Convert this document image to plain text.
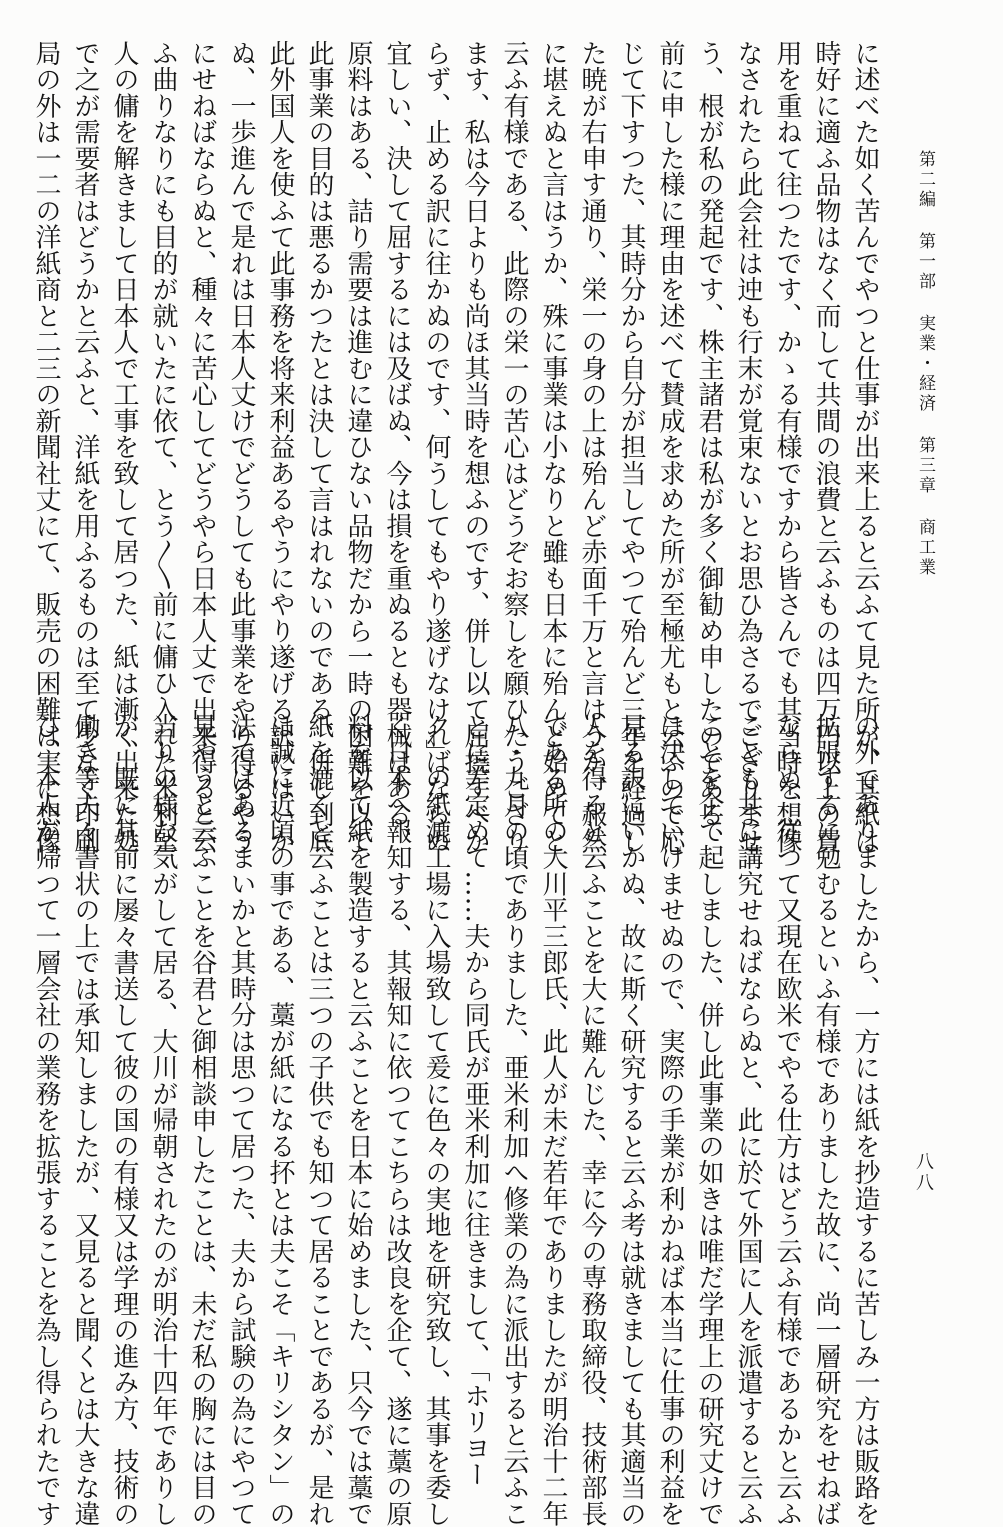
第二編第一部実業・経済第三章商工業
八八
に述べた如く苦んでやつと仕事が出来上ると云ふて見た所が、其紙は
時好に適ふ品物はなく而して共間の浪費と云ふものは四万円以上の費
用を重ねて往つたです、かゝる有様ですから皆さんでも其当時を想像
なされたら此会社は迚も行末が覚束ないとお思ひ為さるでござりませ
う、根が私の発起です、株主諸君は私が多く御勧め申したのである、
前に申した様に理由を述べて賛成を求めた所が至極尤もと云ふので応
じて下すつた、其時分から自分が担当してやつて殆んど三年を経過し
た暁が右申す通り、栄一の身の上は殆んど赤面千万と言はうか、赧然
に堪えぬと言はうか、殊に事業は小なりと雖も日本に殆んど始めてと
云ふ有様である、此際の栄一の苦心はどうぞお察しを願ひたうござり
ます、私は今日よりも尚ほ其当時を想ふのです、併し以て屈撓すべか
らず、止める訳に往かぬのです、何うしてもやり遂げなければならぬ
宜しい、決して屈するには及ばぬ、今は損を重ぬるとも器械はある、
原料はある、詰り需要は進むに違ひない品物だから一時の困難を以て
此事業の目的は悪るかつたとは決して言はれないのである、併し到底
此外国人を使ふて此事務を将来利益あるやうにやり遂げる訳にはいか
ぬ、一歩進んで是れは日本人丈けでどうしても此事業をやり得るやう
にせねばならぬと、種々に苦心してどうやら日本人丈で出来得ると云
ふ曲りなりにも目的が就いたに依て、とう〳〵前に傭ひ入れた米利堅
人の傭を解きまして日本人で工事を致して居つた、紙は漸く出来た処
で之が需要者はどうかと云ふと、洋紙を用ふるものは至て少なく印刷
局の外は一二の洋紙商と二三の新聞社丈にて、販売の困難は実に想像
の外でありましたから、一方には紙を抄造するに苦しみ一方は販路を
拡張するに勉むるといふ有様でありました故に、尚一層研究をせねば
ならぬ、従つて又現在欧米でやる仕方はどう云ふ有様であるかと云ふ
ことも共に講究せねばならぬと、此に於て外国に人を派遣すると云ふ
ことを企て起しました、併し此事業の如きは唯だ学理上の研究丈けで
は決していけませぬので、実際の手業が利かねば本当に仕事の利益を
見る訳にいかぬ、故に斯く研究すると云ふ考は就きましても其適当の
人を得ると云ふことを大に難んじた、幸に今の専務取締役、技術部長
である所の大川平三郎氏、此人が未だ若年でありましたが明治十二年
八・九月の頃でありました、亜米利加へ修業の為に派出すると云ふこ
とに差定めて……夫から同氏が亜米利加に往きまして、「ホリヨー
ク」の紙漉工場に入場致して爰に色々の実地を研究致し、其事を委し
く日本へ報知する、其報知に依つてこちらは改良を企て、遂に藁の原
料を以て紙を製造すると云ふことを日本に始めました、只今では藁で
紙を漉くと云ふことは三つの子供でも知つて居ることであるが、是れ
は誠に近頃の事である、藁が紙になる抔とは夫こそ「キリシタン」の
法ではあるまいかと其時分は思つて居つた、夫から試験の為にやつて
見やうと云ふことを谷君と御相談申したことは、未だ私の胸には目の
当りの様な気がして居る、大川が帰朝されたのが明治十四年でありし
が、既に其前に屡々書送して彼の国の有様又は学理の進み方、技術の
働き等夫々書状の上では承知しましたが、又見ると聞くとは大きな違
ひ、本人が帰つて一層会社の業務を拡張することを為し得られたです
